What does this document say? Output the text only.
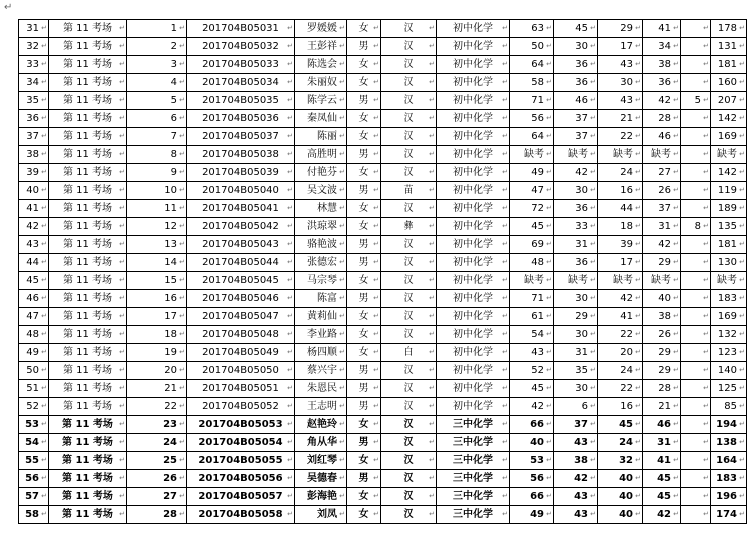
↵
31 ↵	第 11 考场 ↵	1 ↵	201704B05031 ↵	罗媛媛 ↵	女 ↵	汉 ↵	初中化学 ↵	63 ↵	45 ↵	29 ↵	41 ↵	↵	178 ↵

32 ↵	第 11 考场 ↵	2 ↵	201704B05032 ↵	王彭祥 ↵	男 ↵	汉 ↵	初中化学 ↵	50 ↵	30 ↵	17 ↵	34 ↵	↵	131 ↵

33 ↵	第 11 考场 ↵	3 ↵	201704B05033 ↵	陈选会 ↵	女 ↵	汉 ↵	初中化学 ↵	64 ↵	36 ↵	43 ↵	38 ↵	↵	181 ↵

34 ↵	第 11 考场 ↵	4 ↵	201704B05034 ↵	朱丽奴 ↵	女 ↵	汉 ↵	初中化学 ↵	58 ↵	36 ↵	30 ↵	36 ↵	↵	160 ↵

35 ↵	第 11 考场 ↵	5 ↵	201704B05035 ↵	陈学云 ↵	男 ↵	汉 ↵	初中化学 ↵	71 ↵	46 ↵	43 ↵	42 ↵	5 ↵	207 ↵

36 ↵	第 11 考场 ↵	6 ↵	201704B05036 ↵	秦凤仙 ↵	女 ↵	汉 ↵	初中化学 ↵	56 ↵	37 ↵	21 ↵	28 ↵	↵	142 ↵

37 ↵	第 11 考场 ↵	7 ↵	201704B05037 ↵	陈丽 ↵	女 ↵	汉 ↵	初中化学 ↵	64 ↵	37 ↵	22 ↵	46 ↵	↵	169 ↵

38 ↵	第 11 考场 ↵	8 ↵	201704B05038 ↵	高胜明 ↵	男 ↵	汉 ↵	初中化学 ↵	缺考 ↵	缺考 ↵	缺考 ↵	缺考 ↵	↵	缺考 ↵

39 ↵	第 11 考场 ↵	9 ↵	201704B05039 ↵	付艳芬 ↵	女 ↵	汉 ↵	初中化学 ↵	49 ↵	42 ↵	24 ↵	27 ↵	↵	142 ↵

40 ↵	第 11 考场 ↵	10 ↵	201704B05040 ↵	吴文波 ↵	男 ↵	苗 ↵	初中化学 ↵	47 ↵	30 ↵	16 ↵	26 ↵	↵	119 ↵

41 ↵	第 11 考场 ↵	11 ↵	201704B05041 ↵	林慧 ↵	女 ↵	汉 ↵	初中化学 ↵	72 ↵	36 ↵	44 ↵	37 ↵	↵	189 ↵

42 ↵	第 11 考场 ↵	12 ↵	201704B05042 ↵	洪琼翠 ↵	女 ↵	彝 ↵	初中化学 ↵	45 ↵	33 ↵	18 ↵	31 ↵	8 ↵	135 ↵

43 ↵	第 11 考场 ↵	13 ↵	201704B05043 ↵	骆艳波 ↵	男 ↵	汉 ↵	初中化学 ↵	69 ↵	31 ↵	39 ↵	42 ↵	↵	181 ↵

44 ↵	第 11 考场 ↵	14 ↵	201704B05044 ↵	张德宏 ↵	男 ↵	汉 ↵	初中化学 ↵	48 ↵	36 ↵	17 ↵	29 ↵	↵	130 ↵

45 ↵	第 11 考场 ↵	15 ↵	201704B05045 ↵	马宗琴 ↵	女 ↵	汉 ↵	初中化学 ↵	缺考 ↵	缺考 ↵	缺考 ↵	缺考 ↵	↵	缺考 ↵

46 ↵	第 11 考场 ↵	16 ↵	201704B05046 ↵	陈富 ↵	男 ↵	汉 ↵	初中化学 ↵	71 ↵	30 ↵	42 ↵	40 ↵	↵	183 ↵

47 ↵	第 11 考场 ↵	17 ↵	201704B05047 ↵	黄莉仙 ↵	女 ↵	汉 ↵	初中化学 ↵	61 ↵	29 ↵	41 ↵	38 ↵	↵	169 ↵

48 ↵	第 11 考场 ↵	18 ↵	201704B05048 ↵	李业路 ↵	女 ↵	汉 ↵	初中化学 ↵	54 ↵	30 ↵	22 ↵	26 ↵	↵	132 ↵

49 ↵	第 11 考场 ↵	19 ↵	201704B05049 ↵	杨四顺 ↵	女 ↵	白 ↵	初中化学 ↵	43 ↵	31 ↵	20 ↵	29 ↵	↵	123 ↵

50 ↵	第 11 考场 ↵	20 ↵	201704B05050 ↵	蔡兴宇 ↵	男 ↵	汉 ↵	初中化学 ↵	52 ↵	35 ↵	24 ↵	29 ↵	↵	140 ↵

51 ↵	第 11 考场 ↵	21 ↵	201704B05051 ↵	朱恩民 ↵	男 ↵	汉 ↵	初中化学 ↵	45 ↵	30 ↵	22 ↵	28 ↵	↵	125 ↵

52 ↵	第 11 考场 ↵	22 ↵	201704B05052 ↵	王志明 ↵	男 ↵	汉 ↵	初中化学 ↵	42 ↵	6 ↵	16 ↵	21 ↵	↵	85 ↵

53 ↵	第 11 考场 ↵	23 ↵	201704B05053 ↵	赵艳玲 ↵	女 ↵	汉 ↵	三中化学 ↵	66 ↵	37 ↵	45 ↵	46 ↵	↵	194 ↵

54 ↵	第 11 考场 ↵	24 ↵	201704B05054 ↵	角从华 ↵	男 ↵	汉 ↵	三中化学 ↵	40 ↵	43 ↵	24 ↵	31 ↵	↵	138 ↵

55 ↵	第 11 考场 ↵	25 ↵	201704B05055 ↵	刘红琴 ↵	女 ↵	汉 ↵	三中化学 ↵	53 ↵	38 ↵	32 ↵	41 ↵	↵	164 ↵

56 ↵	第 11 考场 ↵	26 ↵	201704B05056 ↵	吴德春 ↵	男 ↵	汉 ↵	三中化学 ↵	56 ↵	42 ↵	40 ↵	45 ↵	↵	183 ↵

57 ↵	第 11 考场 ↵	27 ↵	201704B05057 ↵	彭海艳 ↵	女 ↵	汉 ↵	三中化学 ↵	66 ↵	43 ↵	40 ↵	45 ↵	↵	196 ↵

58 ↵	第 11 考场 ↵	28 ↵	201704B05058 ↵	刘凤 ↵	女 ↵	汉 ↵	三中化学 ↵	49 ↵	43 ↵	40 ↵	42 ↵	↵	174 ↵
